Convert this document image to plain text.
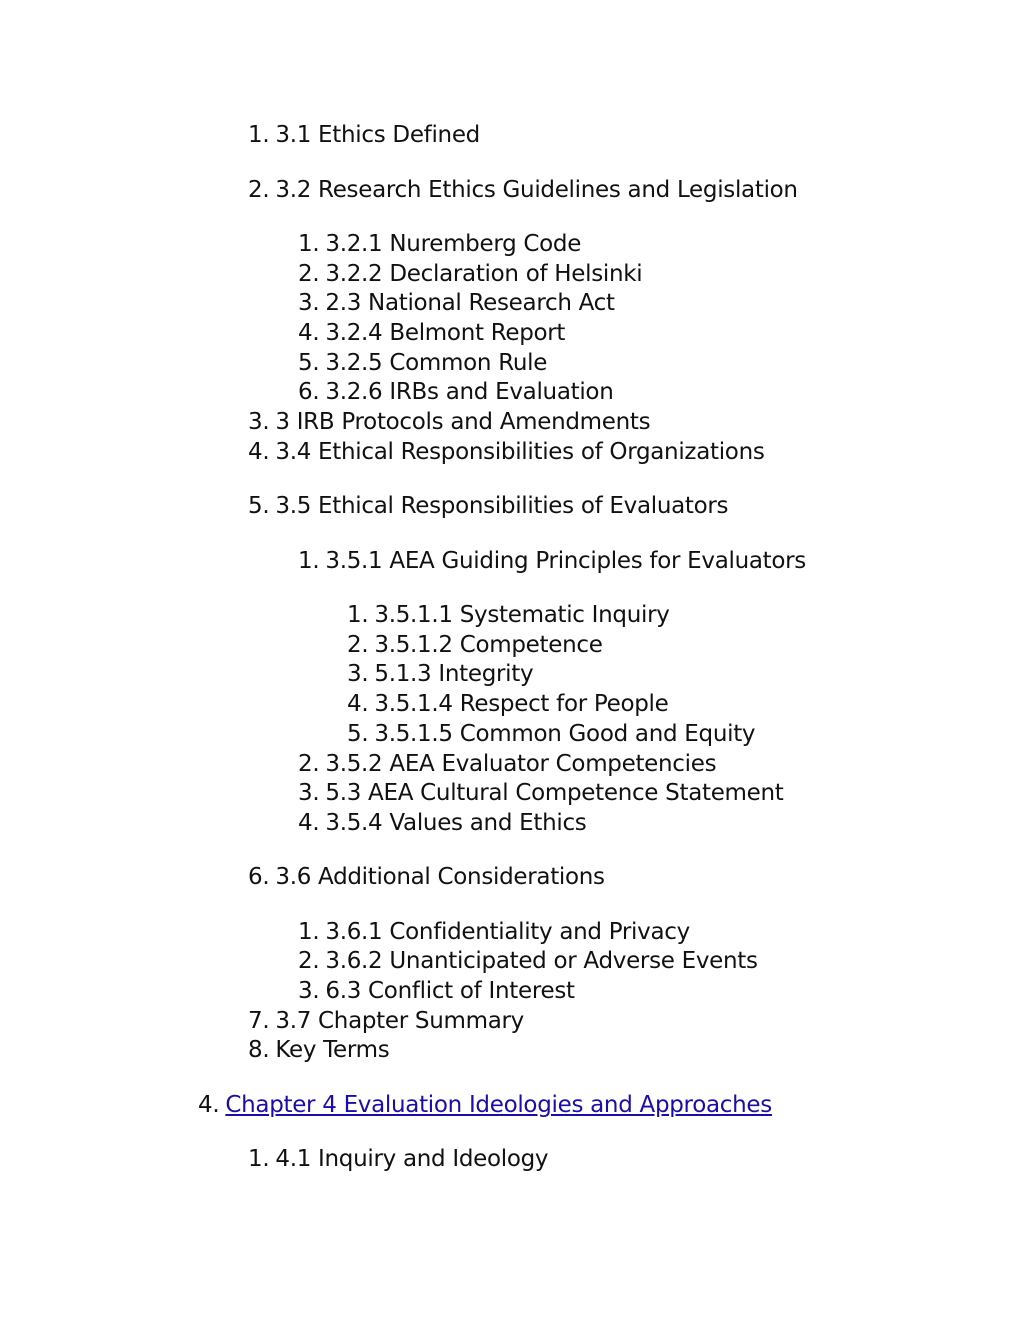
1. 3.1 Ethics Defined
2. 3.2 Research Ethics Guidelines and Legislation
1. 3.2.1 Nuremberg Code
2. 3.2.2 Declaration of Helsinki
3. 2.3 National Research Act
4. 3.2.4 Belmont Report
5. 3.2.5 Common Rule
6. 3.2.6 IRBs and Evaluation
3. 3 IRB Protocols and Amendments
4. 3.4 Ethical Responsibilities of Organizations
5. 3.5 Ethical Responsibilities of Evaluators
1. 3.5.1 AEA Guiding Principles for Evaluators
1. 3.5.1.1 Systematic Inquiry
2. 3.5.1.2 Competence
3. 5.1.3 Integrity
4. 3.5.1.4 Respect for People
5. 3.5.1.5 Common Good and Equity
2. 3.5.2 AEA Evaluator Competencies
3. 5.3 AEA Cultural Competence Statement
4. 3.5.4 Values and Ethics
6. 3.6 Additional Considerations
1. 3.6.1 Confidentiality and Privacy
2. 3.6.2 Unanticipated or Adverse Events
3. 6.3 Conflict of Interest
7. 3.7 Chapter Summary
8. Key Terms
4. Chapter 4 Evaluation Ideologies and Approaches
1. 4.1 Inquiry and Ideology
